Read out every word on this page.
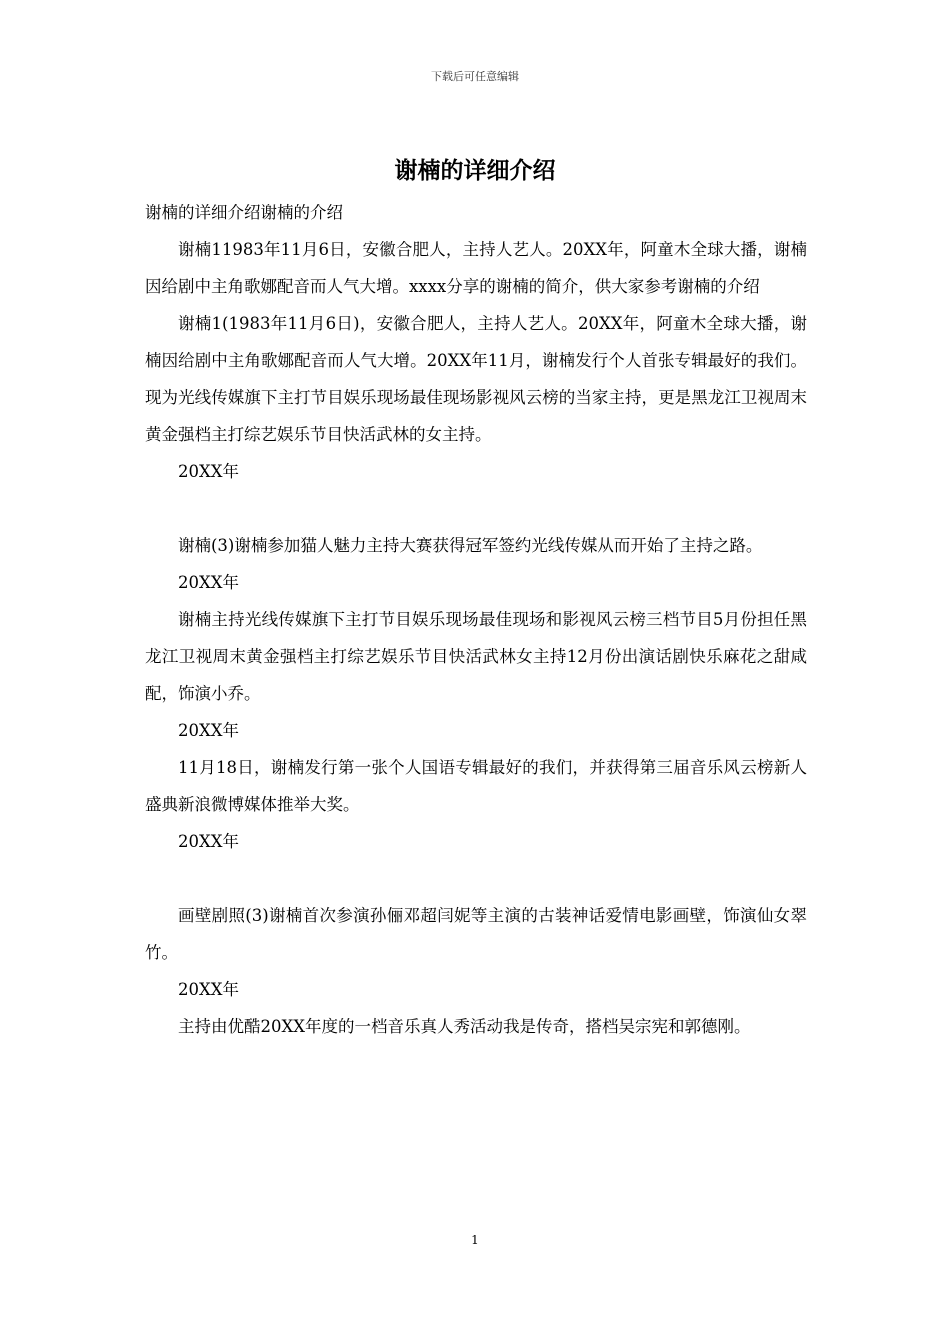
下载后可任意编辑
谢楠的详细介绍

谢楠的详细介绍谢楠的介绍

谢楠11983年11月6日，安徽合肥人，主持人艺人。20XX年，阿童木全球大播，谢楠因给剧中主角歌娜配音而人气大增。xxxx分享的谢楠的简介，供大家参考谢楠的介绍

谢楠1(1983年11月6日)，安徽合肥人，主持人艺人。20XX年，阿童木全球大播，谢楠因给剧中主角歌娜配音而人气大增。20XX年11月，谢楠发行个人首张专辑最好的我们。现为光线传媒旗下主打节目娱乐现场最佳现场影视风云榜的当家主持，更是黑龙江卫视周末黄金强档主打综艺娱乐节目快活武林的女主持。

20XX年

谢楠(3)谢楠参加猫人魅力主持大赛获得冠军签约光线传媒从而开始了主持之路。

20XX年

谢楠主持光线传媒旗下主打节目娱乐现场最佳现场和影视风云榜三档节目5月份担任黑龙江卫视周末黄金强档主打综艺娱乐节目快活武林女主持12月份出演话剧快乐麻花之甜咸配，饰演小乔。

20XX年

11月18日，谢楠发行第一张个人国语专辑最好的我们，并获得第三届音乐风云榜新人盛典新浪微博媒体推举大奖。

20XX年

画壁剧照(3)谢楠首次参演孙俪邓超闫妮等主演的古装神话爱情电影画壁，饰演仙女翠竹。

20XX年

主持由优酷20XX年度的一档音乐真人秀活动我是传奇，搭档吴宗宪和郭德刚。

1
